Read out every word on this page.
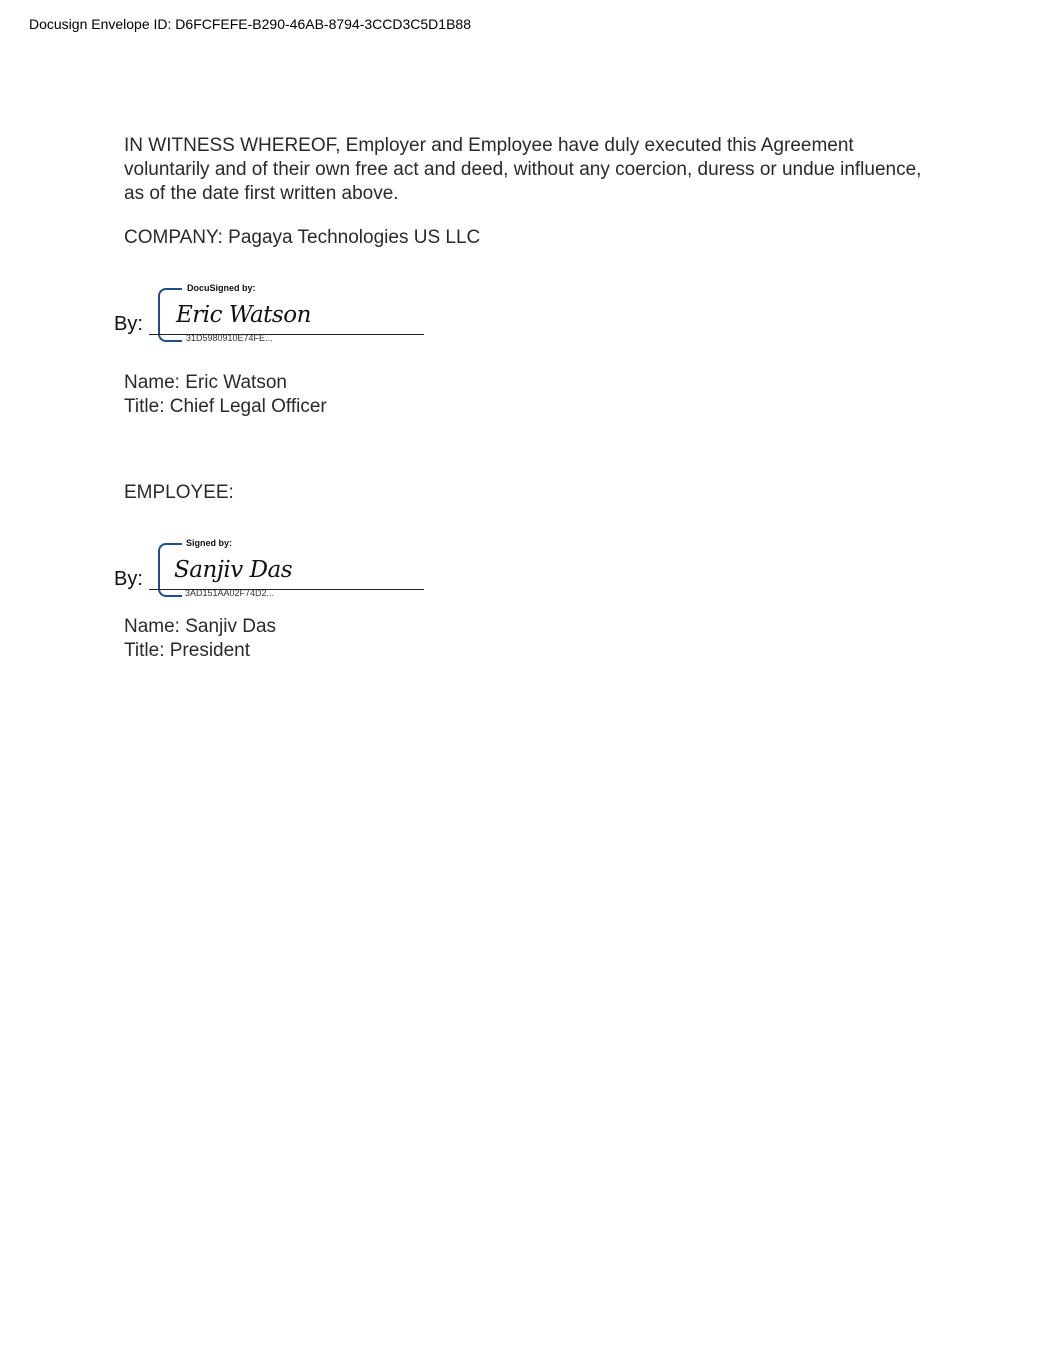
Docusign Envelope ID: D6FCFEFE-B290-46AB-8794-3CCD3C5D1B88
IN WITNESS WHEREOF, Employer and Employee have duly executed this Agreement voluntarily and of their own free act and deed, without any coercion, duress or undue influence, as of the date first written above.
COMPANY: Pagaya Technologies US LLC
By:
DocuSigned by:
Eric Watson
31D5980910E74FE...
Name: Eric Watson
Title: Chief Legal Officer
EMPLOYEE:
By:
Signed by:
Sanjiv Das
3AD151AA02F74D2...
Name: Sanjiv Das
Title: President
